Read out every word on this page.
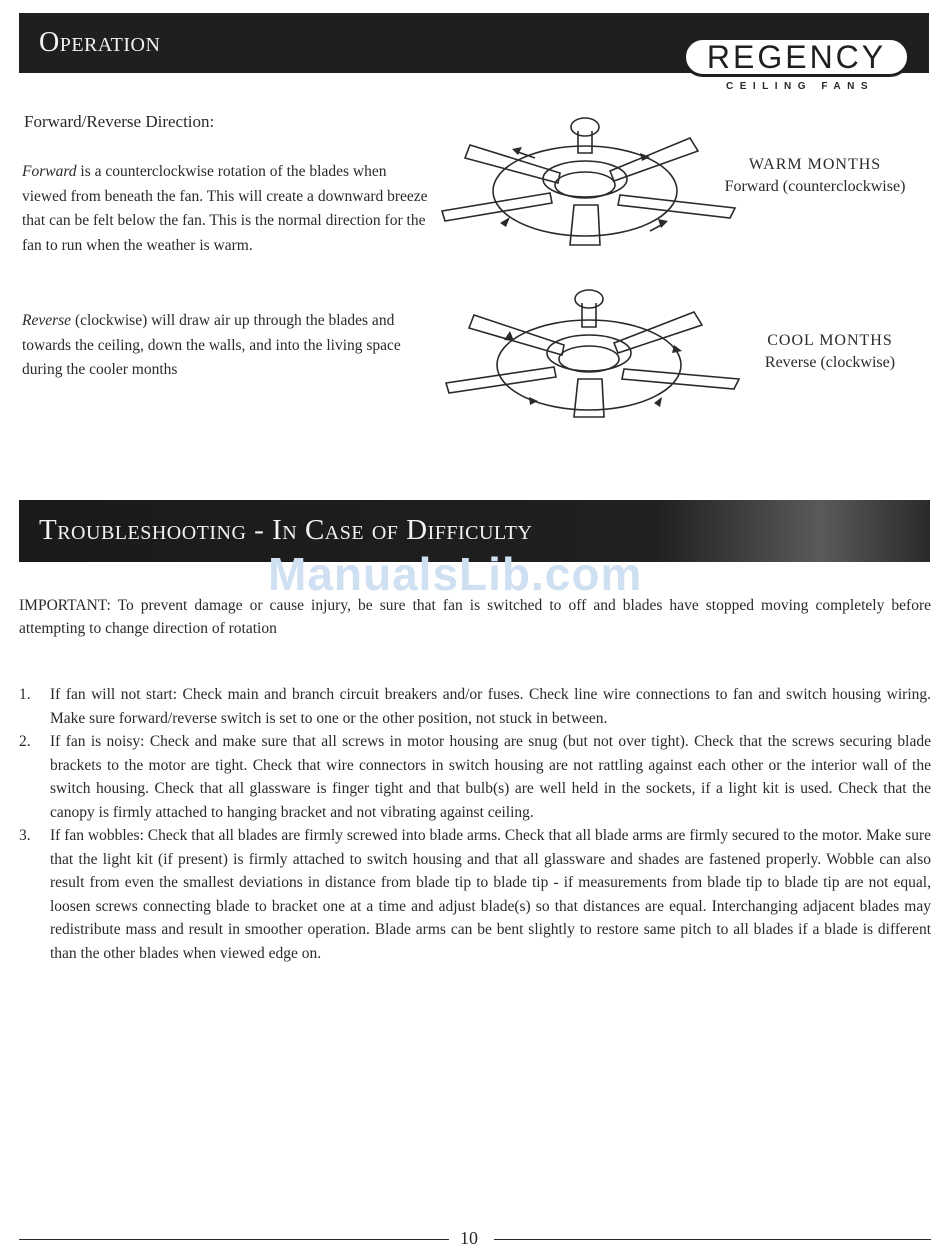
Operation	REGENCY
CEILING FANS
Forward/Reverse Direction:
Forward is a counterclockwise rotation of the blades when viewed from beneath the fan. This will create a downward breeze that can be felt below the fan. This is the normal direction for the fan to run when the weather is warm.
Reverse (clockwise) will draw air up through the blades and towards the ceiling, down the walls, and into the living space during the cooler months
WARM MONTHS
Forward (counterclockwise)
COOL MONTHS
Reverse (clockwise)
Troubleshooting - In Case of Difficulty
ManualsLib.com
IMPORTANT: To prevent damage or cause injury, be sure that fan is switched to off and blades have stopped moving completely before attempting to change direction of rotation
1. If fan will not start: Check main and branch circuit breakers and/or fuses. Check line wire connections to fan and switch housing wiring. Make sure forward/reverse switch is set to one or the other position, not stuck in between.
2. If fan is noisy: Check and make sure that all screws in motor housing are snug (but not over tight). Check that the screws securing blade brackets to the motor are tight. Check that wire connectors in switch housing are not rattling against each other or the interior wall of the switch housing. Check that all glassware is finger tight and that bulb(s) are well held in the sockets, if a light kit is used. Check that the canopy is firmly attached to hanging bracket and not vibrating against ceiling.
3. If fan wobbles: Check that all blades are firmly screwed into blade arms. Check that all blade arms are firmly secured to the motor. Make sure that the light kit (if present) is firmly attached to switch housing and that all glassware and shades are fastened properly. Wobble can also result from even the smallest deviations in distance from blade tip to blade tip - if measurements from blade tip to blade tip are not equal, loosen screws connecting blade to bracket one at a time and adjust blade(s) so that distances are equal. Interchanging adjacent blades may redistribute mass and result in smoother operation. Blade arms can be bent slightly to restore same pitch to all blades if a blade is different than the other blades when viewed edge on.
10
